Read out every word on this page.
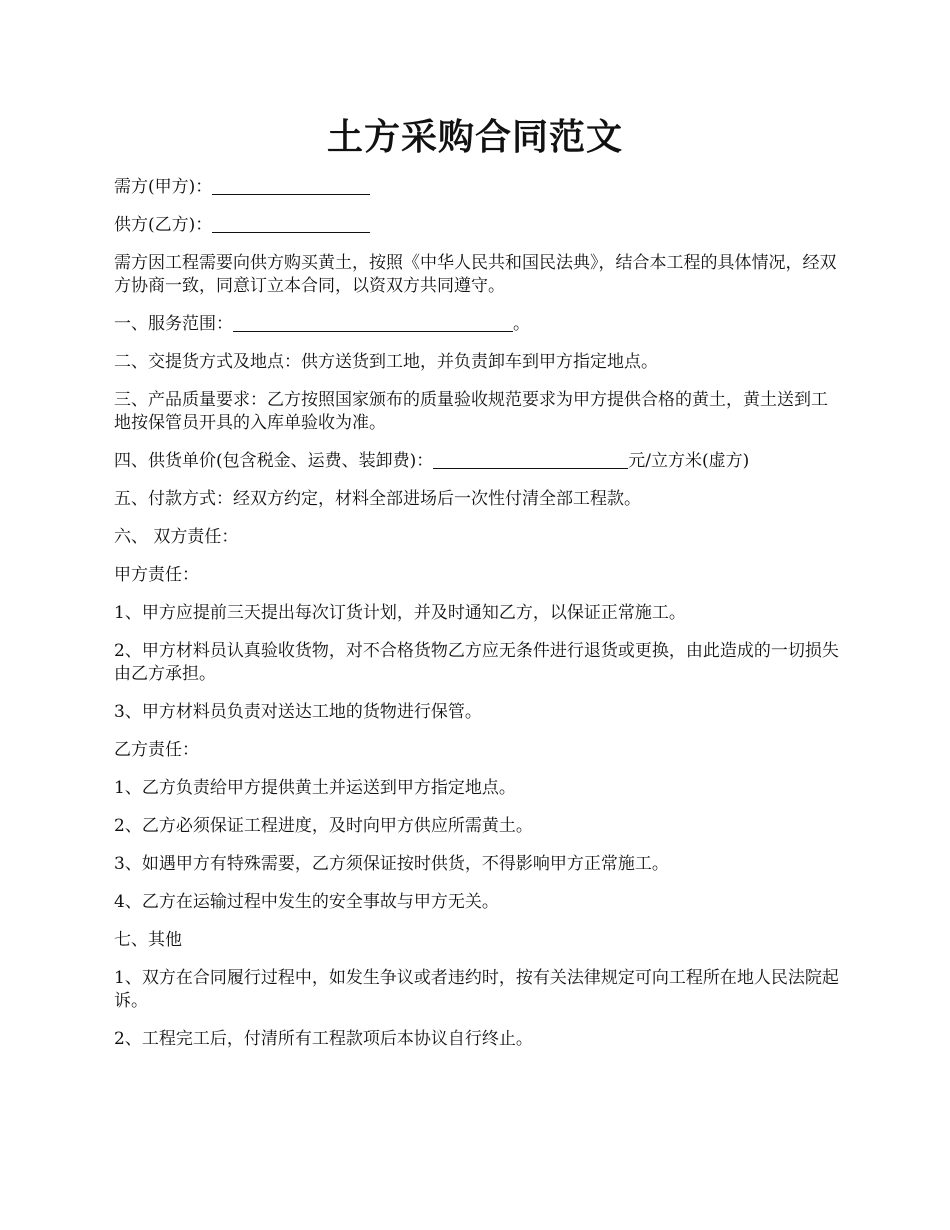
土方采购合同范文

需方(甲方)：

供方(乙方)：

需方因工程需要向供方购买黄土，按照《中华人民共和国民法典》，结合本工程的具体情况，经双方协商一致，同意订立本合同，以资双方共同遵守。

一、服务范围：	。

二、交提货方式及地点：供方送货到工地，并负责卸车到甲方指定地点。

三、产品质量要求：乙方按照国家颁布的质量验收规范要求为甲方提供合格的黄土，黄土送到工地按保管员开具的入库单验收为准。

四、供货单价(包含税金、运费、装卸费)：	元/立方米(虚方)

五、付款方式：经双方约定，材料全部进场后一次性付清全部工程款。

六、 双方责任：

甲方责任：

1、甲方应提前三天提出每次订货计划，并及时通知乙方，以保证正常施工。

2、甲方材料员认真验收货物，对不合格货物乙方应无条件进行退货或更换，由此造成的一切损失由乙方承担。

3、甲方材料员负责对送达工地的货物进行保管。

乙方责任：

1、乙方负责给甲方提供黄土并运送到甲方指定地点。

2、乙方必须保证工程进度，及时向甲方供应所需黄土。

3、如遇甲方有特殊需要，乙方须保证按时供货，不得影响甲方正常施工。

4、乙方在运输过程中发生的安全事故与甲方无关。

七、其他

1、双方在合同履行过程中，如发生争议或者违约时，按有关法律规定可向工程所在地人民法院起诉。

2、工程完工后，付清所有工程款项后本协议自行终止。
